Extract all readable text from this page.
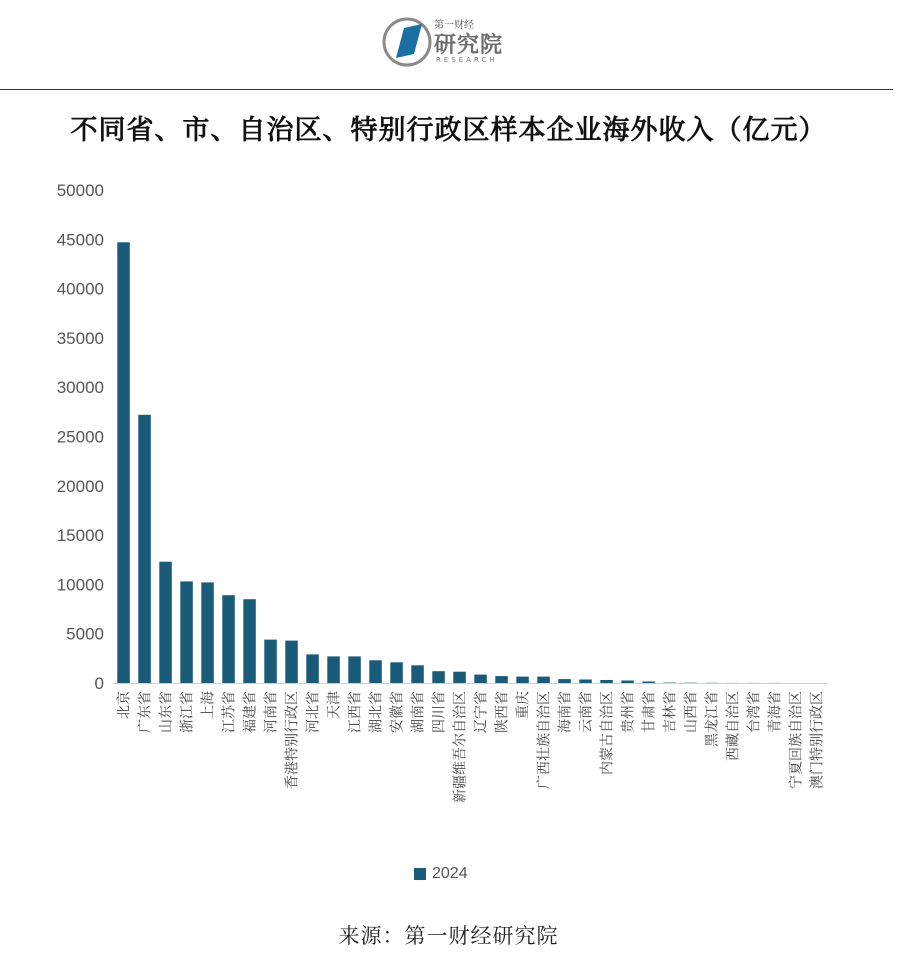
第一财经
研究院
RESEARCH
不同省、市、自治区、特别行政区样本企业海外收入（亿元）
0
5000
10000
15000
20000
25000
30000
35000
40000
45000
50000
北京 广东省 山东省 浙江省 上海 江苏省 福建省 河南省 香港特别行政区 河北省 天津 江西省 湖北省 安徽省 湖南省 四川省 新疆维吾尔自治区 辽宁省 陕西省 重庆 广西壮族自治区 海南省 云南省 内蒙古自治区 贵州省 甘肃省 吉林省 山西省 黑龙江省 西藏自治区 台湾省 青海省 宁夏回族自治区 澳门特别行政区
2024
来源：第一财经研究院
